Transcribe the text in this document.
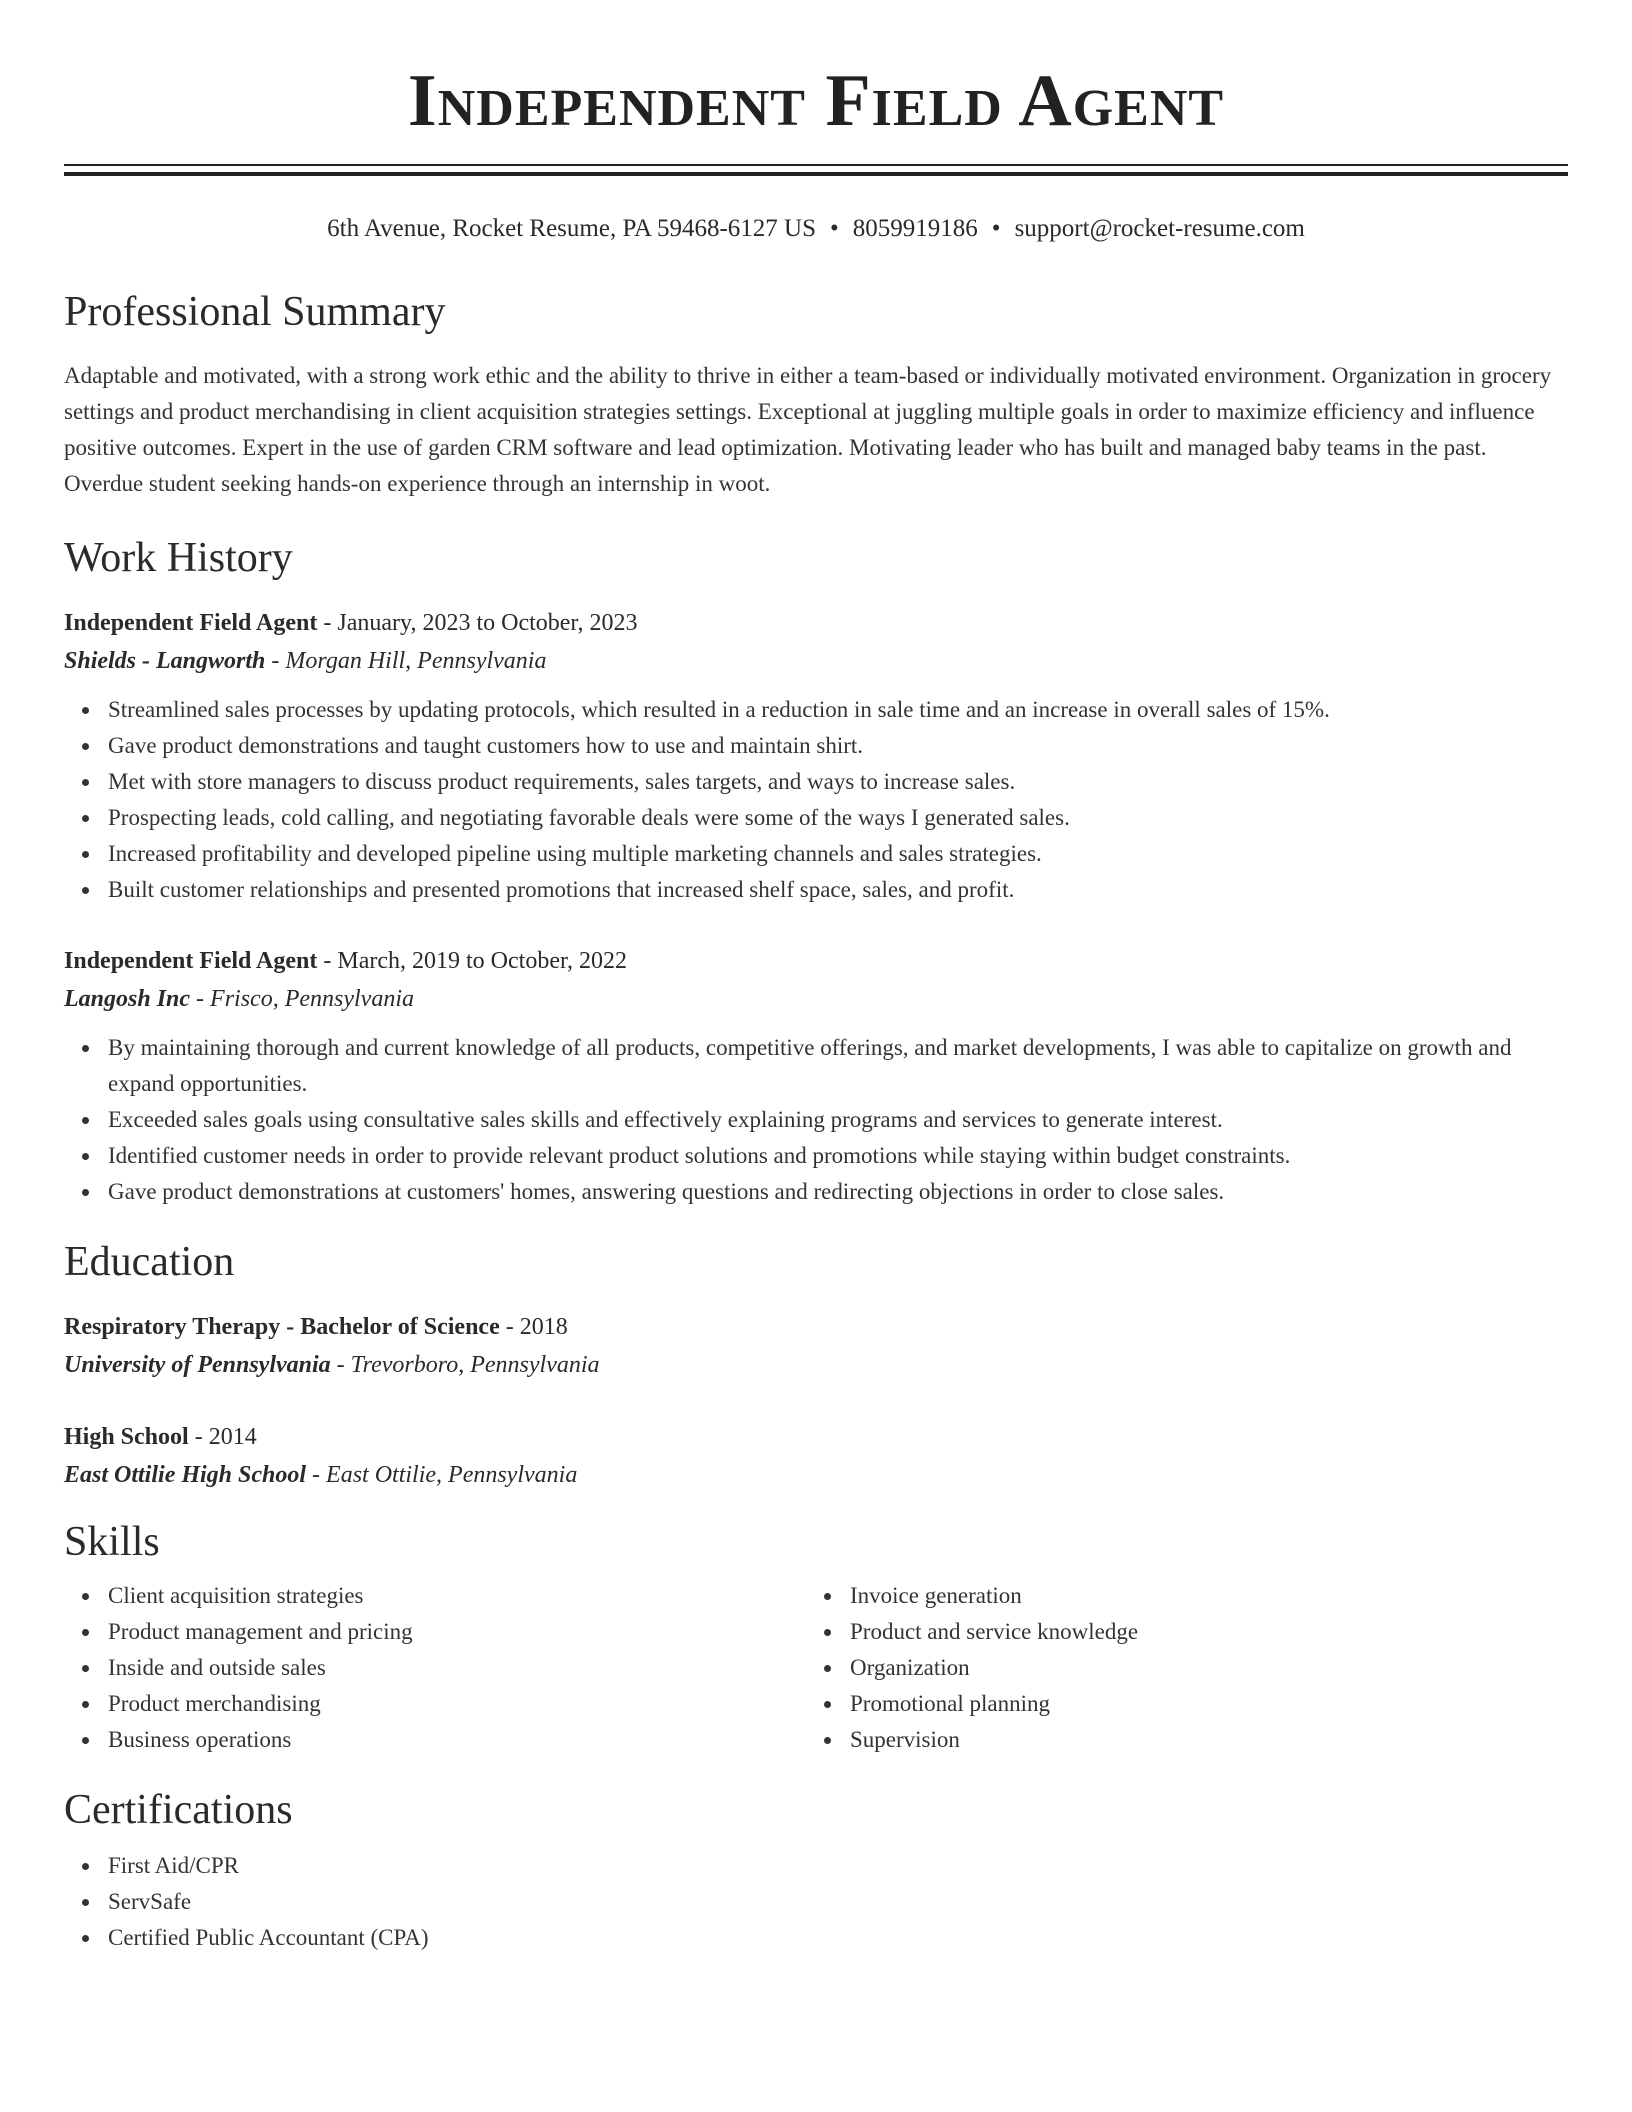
Independent Field Agent
6th Avenue, Rocket Resume, PA 59468-6127 US • 8059919186 • support@rocket-resume.com
Professional Summary
Adaptable and motivated, with a strong work ethic and the ability to thrive in either a team-based or individually motivated environment. Organization in grocery settings and product merchandising in client acquisition strategies settings. Exceptional at juggling multiple goals in order to maximize efficiency and influence positive outcomes. Expert in the use of garden CRM software and lead optimization. Motivating leader who has built and managed baby teams in the past. Overdue student seeking hands-on experience through an internship in woot.
Work History
Independent Field Agent - January, 2023 to October, 2023
Shields - Langworth - Morgan Hill, Pennsylvania
Streamlined sales processes by updating protocols, which resulted in a reduction in sale time and an increase in overall sales of 15%.
Gave product demonstrations and taught customers how to use and maintain shirt.
Met with store managers to discuss product requirements, sales targets, and ways to increase sales.
Prospecting leads, cold calling, and negotiating favorable deals were some of the ways I generated sales.
Increased profitability and developed pipeline using multiple marketing channels and sales strategies.
Built customer relationships and presented promotions that increased shelf space, sales, and profit.
Independent Field Agent - March, 2019 to October, 2022
Langosh Inc - Frisco, Pennsylvania
By maintaining thorough and current knowledge of all products, competitive offerings, and market developments, I was able to capitalize on growth and expand opportunities.
Exceeded sales goals using consultative sales skills and effectively explaining programs and services to generate interest.
Identified customer needs in order to provide relevant product solutions and promotions while staying within budget constraints.
Gave product demonstrations at customers' homes, answering questions and redirecting objections in order to close sales.
Education
Respiratory Therapy - Bachelor of Science - 2018
University of Pennsylvania - Trevorboro, Pennsylvania
High School - 2014
East Ottilie High School - East Ottilie, Pennsylvania
Skills
Client acquisition strategies
Product management and pricing
Inside and outside sales
Product merchandising
Business operations
Invoice generation
Product and service knowledge
Organization
Promotional planning
Supervision
Certifications
First Aid/CPR
ServSafe
Certified Public Accountant (CPA)
